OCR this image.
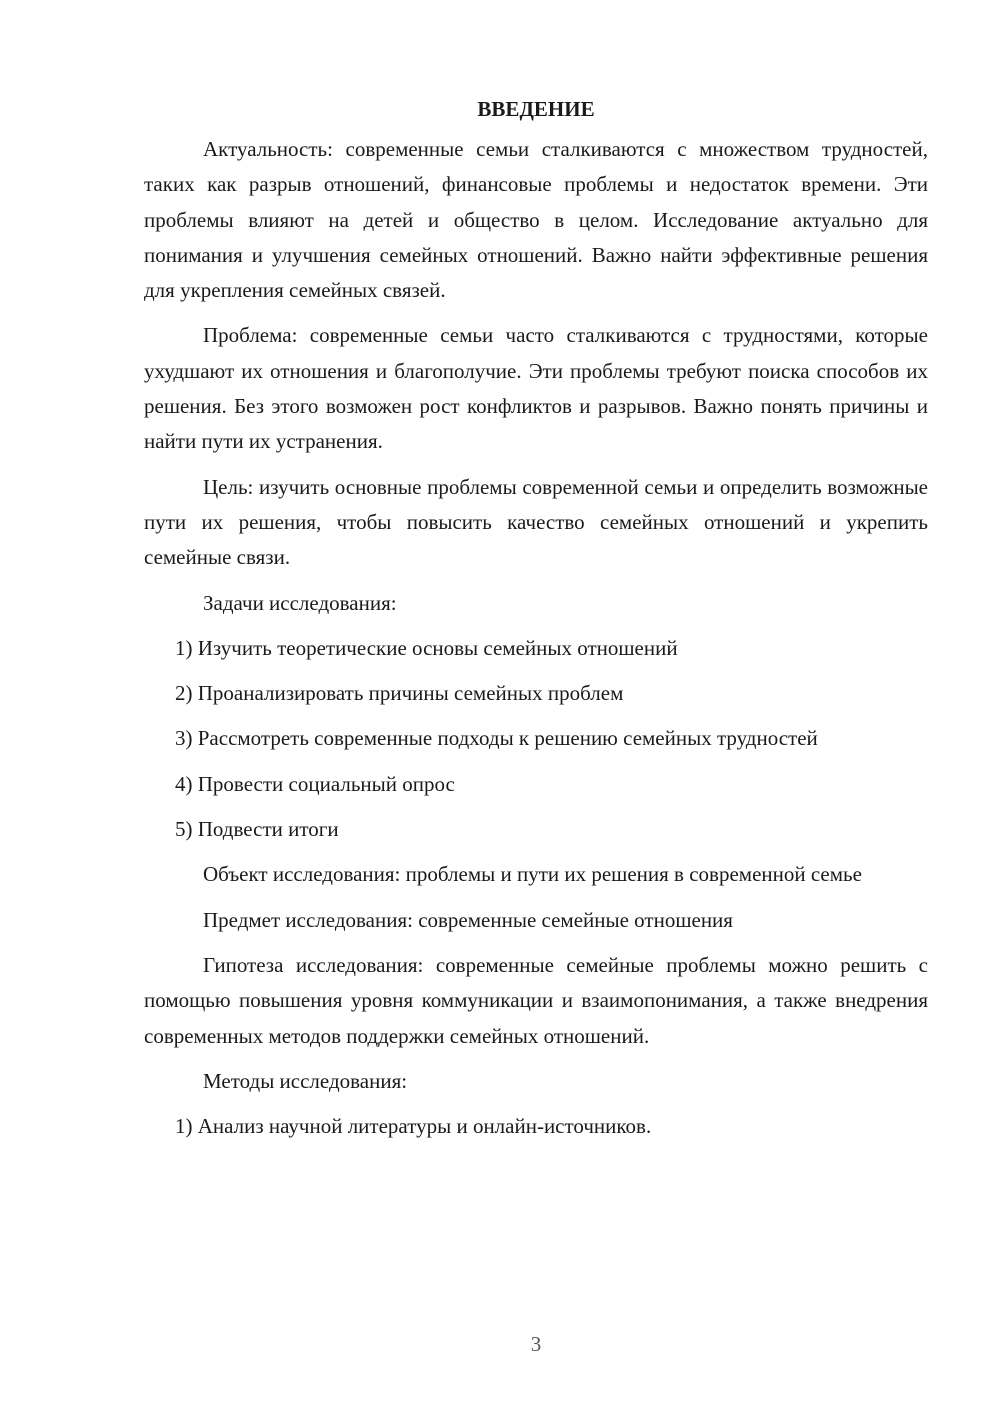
ВВЕДЕНИЕ

Актуальность: современные семьи сталкиваются с множеством трудностей, таких как разрыв отношений, финансовые проблемы и недостаток времени. Эти проблемы влияют на детей и общество в целом. Исследование актуально для понимания и улучшения семейных отношений. Важно найти эффективные решения для укрепления семейных связей.

Проблема: современные семьи часто сталкиваются с трудностями, которые ухудшают их отношения и благополучие. Эти проблемы требуют поиска способов их решения. Без этого возможен рост конфликтов и разрывов. Важно понять причины и найти пути их устранения.

Цель: изучить основные проблемы современной семьи и определить возможные пути их решения, чтобы повысить качество семейных отношений и укрепить семейные связи.

Задачи исследования:

1) Изучить теоретические основы семейных отношений
2) Проанализировать причины семейных проблем
3) Рассмотреть современные подходы к решению семейных трудностей
4) Провести социальный опрос
5) Подвести итоги

Объект исследования: проблемы и пути их решения в современной семье

Предмет исследования: современные семейные отношения

Гипотеза исследования: современные семейные проблемы можно решить с помощью повышения уровня коммуникации и взаимопонимания, а также внедрения современных методов поддержки семейных отношений.

Методы исследования:

1) Анализ научной литературы и онлайн-источников.
3
